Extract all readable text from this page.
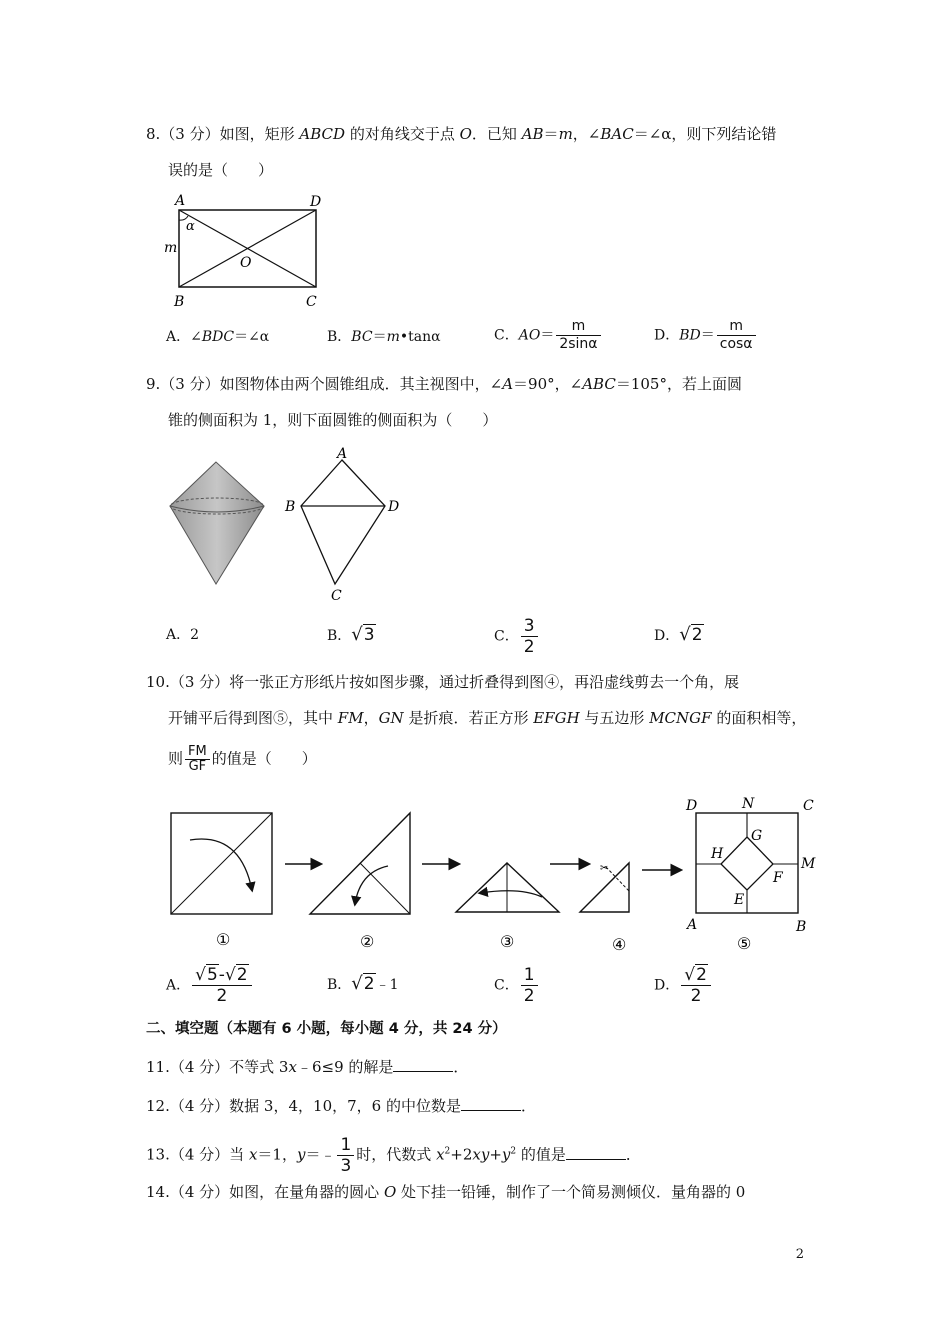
8.（3 分）如图，矩形 ABCD 的对角线交于点 O．已知 AB＝m，∠BAC＝∠α，则下列结论错
误的是（　　）
A	D
B	C
O
m
α
A．∠BDC＝∠α	B．BC＝m•tanα	C．$AO= \frac{m}{2\sin\alpha}$	D．$BD= \frac{m}{\cos\alpha}$
9.（3 分）如图物体由两个圆锥组成．其主视图中，∠A＝90°，∠ABC＝105°，若上面圆
锥的侧面积为 1，则下面圆锥的侧面积为（　　）
A
B	D
C
A．2	B．√3	C． $\frac{3}{2}$	D．√2
10.（3 分）将一张正方形纸片按如图步骤，通过折叠得到图④，再沿虚线剪去一个角，展
开铺平后得到图⑤，其中 FM，GN 是折痕．若正方形 EFGH 与五边形 MCNGF 的面积相等，
则 $\frac{FM}{GF}$ 的值是（　　）
✂
D	N	C
G
H
M
F
E
A	B
①	②	③	④	⑤
A． $\frac{√5-√2}{2}$	B．√2﹣1	C． $\frac{1}{2}$	D． $\frac{√2}{2}$
二、填空题（本题有 6 小题，每小题 4 分，共 24 分）
11.（4 分）不等式 3x﹣6≤9 的解是	．
12.（4 分）数据 3，4，10，7，6 的中位数是	．
13.（4 分）当 x＝1，y＝﹣ $\frac{1}{3}$ 时，代数式 $x^2+2xy+y^2$ 的值是	．
14.（4 分）如图，在量角器的圆心 O 处下挂一铅锤，制作了一个简易测倾仪．量角器的 0
2
